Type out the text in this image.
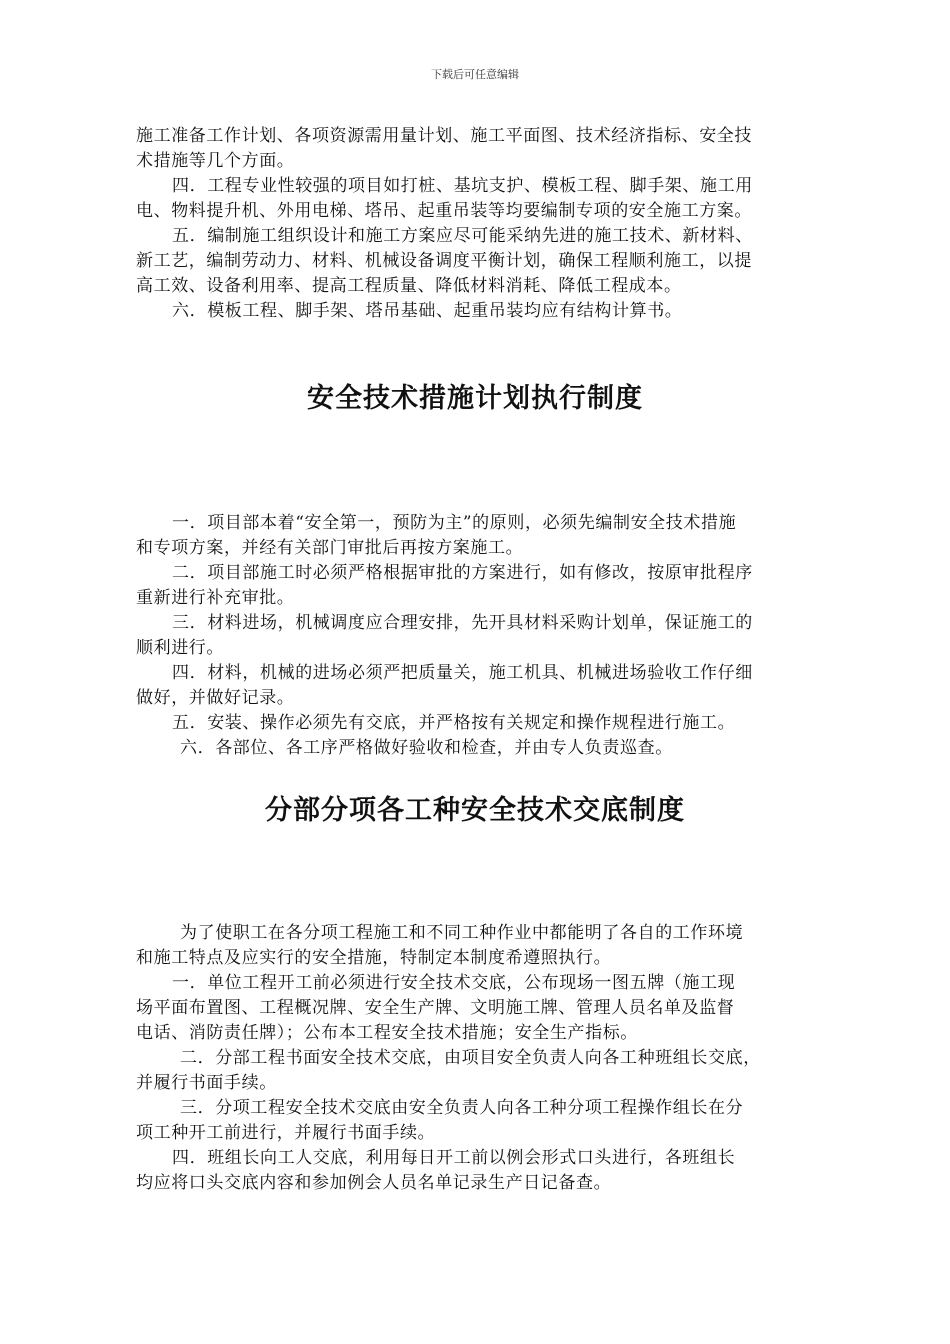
下载后可任意编辑
施工准备工作计划、各项资源需用量计划、施工平面图、技术经济指标、安全技
术措施等几个方面。
四．工程专业性较强的项目如打桩、基坑支护、模板工程、脚手架、施工用
电、物料提升机、外用电梯、塔吊、起重吊装等均要编制专项的安全施工方案。
五．编制施工组织设计和施工方案应尽可能采纳先进的施工技术、新材料、
新工艺，编制劳动力、材料、机械设备调度平衡计划，确保工程顺利施工，以提
高工效、设备利用率、提高工程质量、降低材料消耗、降低工程成本。
六．模板工程、脚手架、塔吊基础、起重吊装均应有结构计算书。
安全技术措施计划执行制度
一．项目部本着“安全第一，预防为主”的原则，必须先编制安全技术措施
和专项方案，并经有关部门审批后再按方案施工。
二．项目部施工时必须严格根据审批的方案进行，如有修改，按原审批程序
重新进行补充审批。
三．材料进场，机械调度应合理安排，先开具材料采购计划单，保证施工的
顺利进行。
四．材料，机械的进场必须严把质量关，施工机具、机械进场验收工作仔细
做好，并做好记录。
五．安装、操作必须先有交底，并严格按有关规定和操作规程进行施工。
六．各部位、各工序严格做好验收和检查，并由专人负责巡查。
分部分项各工种安全技术交底制度
为了使职工在各分项工程施工和不同工种作业中都能明了各自的工作环境
和施工特点及应实行的安全措施，特制定本制度希遵照执行。
一．单位工程开工前必须进行安全技术交底，公布现场一图五牌（施工现
场平面布置图、工程概况牌、安全生产牌、文明施工牌、管理人员名单及监督
电话、消防责任牌）；公布本工程安全技术措施；安全生产指标。
二．分部工程书面安全技术交底，由项目安全负责人向各工种班组长交底，
并履行书面手续。
三．分项工程安全技术交底由安全负责人向各工种分项工程操作组长在分
项工种开工前进行，并履行书面手续。
四．班组长向工人交底，利用每日开工前以例会形式口头进行，各班组长
均应将口头交底内容和参加例会人员名单记录生产日记备查。
